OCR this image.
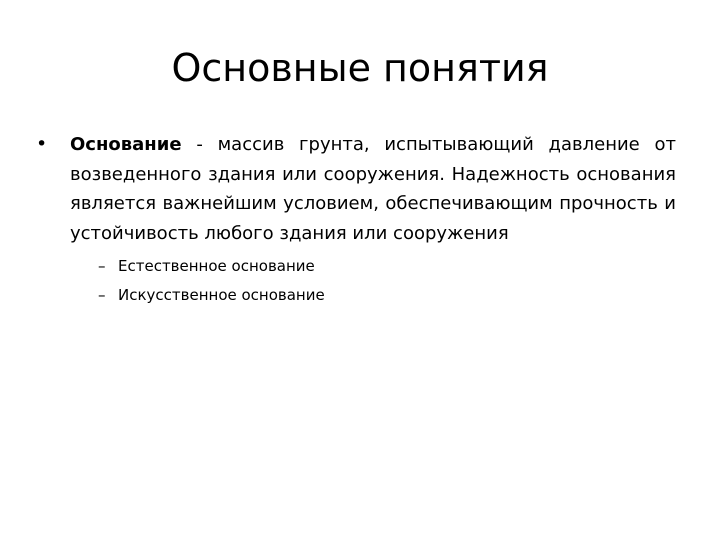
Основные понятия
• Основание - массив грунта, испытывающий давление от возведенного здания или сооружения. Надежность основания является важнейшим условием, обеспечивающим прочность и устойчивость любого здания или сооружения
– Естественное основание
– Искусственное основание
